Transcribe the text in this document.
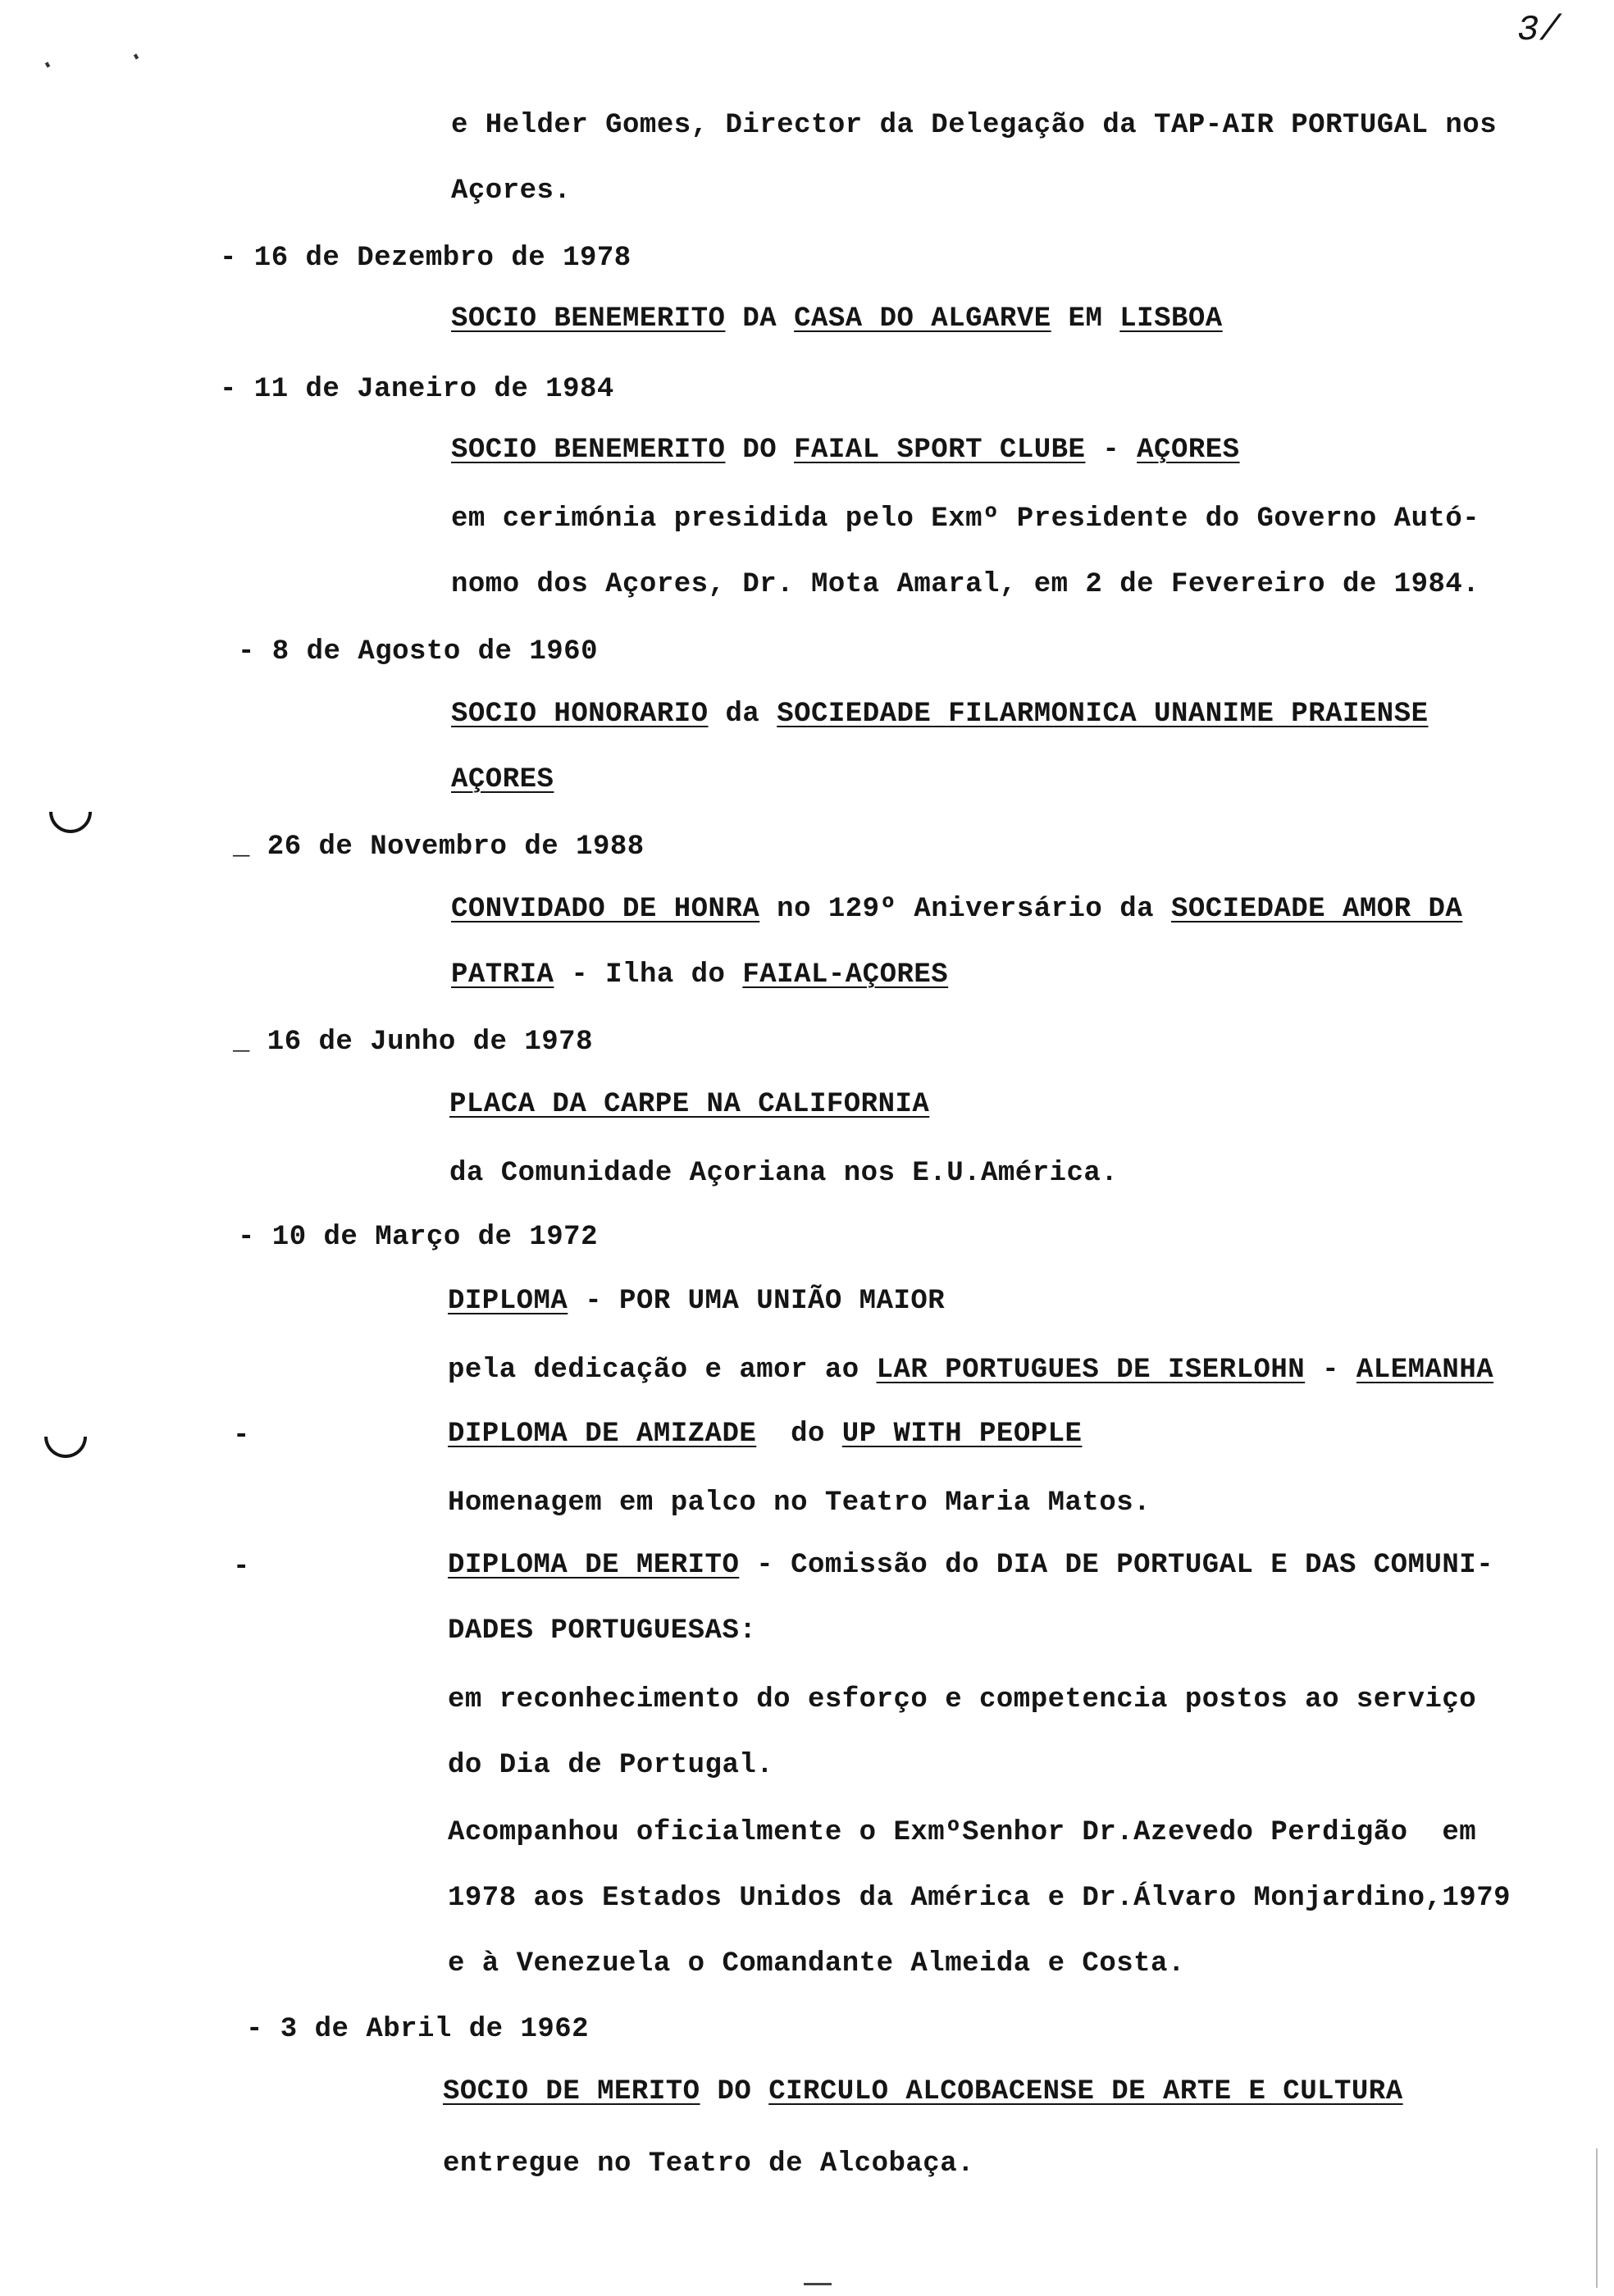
3/
e Helder Gomes, Director da Delegação da TAP-AIR PORTUGAL nos
Açores.
- 16 de Dezembro de 1978
SOCIO BENEMERITO DA CASA DO ALGARVE EM LISBOA
- 11 de Janeiro de 1984
SOCIO BENEMERITO DO FAIAL SPORT CLUBE - AÇORES
em cerimónia presidida pelo Exmº Presidente do Governo Autó-
nomo dos Açores, Dr. Mota Amaral, em 2 de Fevereiro de 1984.
- 8 de Agosto de 1960
SOCIO HONORARIO da SOCIEDADE FILARMONICA UNANIME PRAIENSE
AÇORES
_ 26 de Novembro de 1988
CONVIDADO DE HONRA no 129º Aniversário da SOCIEDADE AMOR DA
PATRIA - Ilha do FAIAL-AÇORES
_ 16 de Junho de 1978
PLACA DA CARPE NA CALIFORNIA
da Comunidade Açoriana nos E.U.América.
- 10 de Março de 1972
DIPLOMA - POR UMA UNIÃO MAIOR
pela dedicação e amor ao LAR PORTUGUES DE ISERLOHN - ALEMANHA
-	DIPLOMA DE AMIZADE  do UP WITH PEOPLE
Homenagem em palco no Teatro Maria Matos.
-	DIPLOMA DE MERITO - Comissão do DIA DE PORTUGAL E DAS COMUNI-
DADES PORTUGUESAS:
em reconhecimento do esforço e competencia postos ao serviço
do Dia de Portugal.
Acompanhou oficialmente o ExmºSenhor Dr.Azevedo Perdigão  em
1978 aos Estados Unidos da América e Dr.Álvaro Monjardino,1979
e à Venezuela o Comandante Almeida e Costa.
- 3 de Abril de 1962
SOCIO DE MERITO DO CIRCULO ALCOBACENSE DE ARTE E CULTURA
entregue no Teatro de Alcobaça.
